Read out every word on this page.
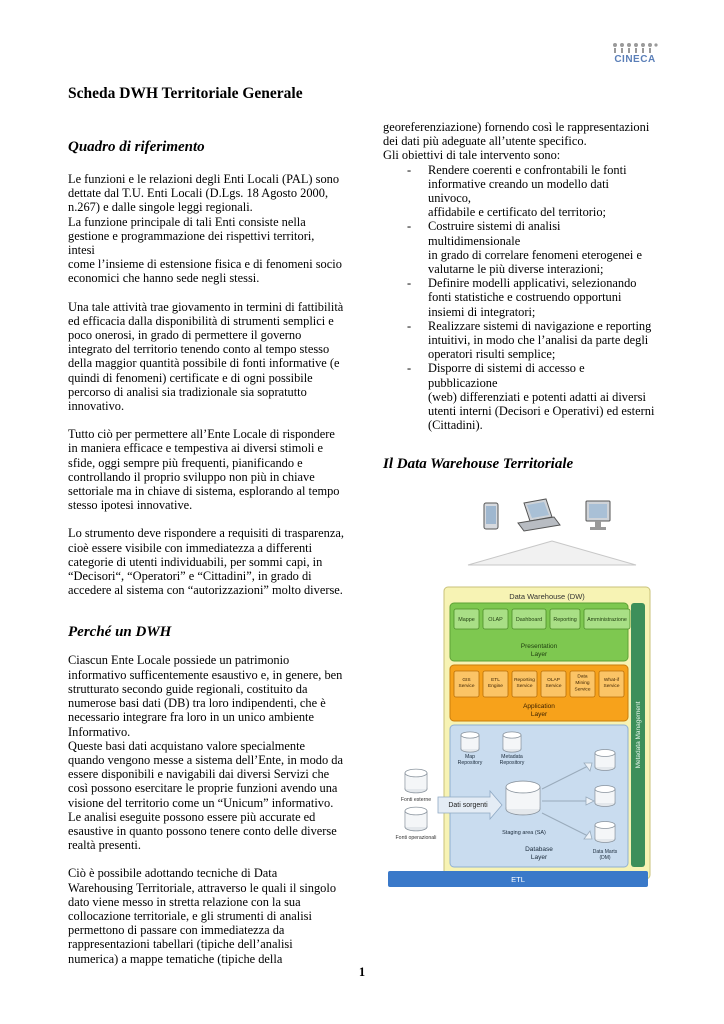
CINECA
Scheda DWH Territoriale Generale
Quadro di riferimento
Le funzioni e le relazioni degli Enti Locali (PAL) sono
dettate dal T.U. Enti Locali (D.Lgs. 18 Agosto 2000,
n.267) e dalle singole leggi regionali.
La funzione principale di tali Enti consiste nella
gestione e programmazione dei rispettivi territori, intesi
come l’insieme di estensione fisica e di fenomeni socio
economici che hanno sede negli stessi.
Una tale attività trae giovamento in termini di fattibilità
ed efficacia dalla disponibilità di strumenti semplici e
poco onerosi, in grado di permettere il governo
integrato del territorio tenendo conto al tempo stesso
della maggior quantità possibile di fonti informative (e
quindi di fenomeni) certificate e di ogni possibile
percorso di analisi sia tradizionale sia sopratutto
innovativo.
Tutto ciò per permettere all’Ente Locale di rispondere
in maniera efficace e tempestiva ai diversi stimoli e
sfide, oggi sempre più frequenti, pianificando e
controllando il proprio sviluppo non più in chiave
settoriale ma in chiave di sistema, esplorando al tempo
stesso ipotesi innovative.
Lo strumento deve rispondere a requisiti di trasparenza,
cioè essere visibile con immediatezza a differenti
categorie di utenti individuabili, per sommi capi, in
“Decisori“, “Operatori” e “Cittadini”, in grado di
accedere al sistema con “autorizzazioni” molto diverse.
Perché un DWH
Ciascun Ente Locale possiede un patrimonio
informativo sufficentemente esaustivo e, in genere, ben
strutturato secondo guide regionali, costituito da
numerose basi dati (DB) tra loro indipendenti, che è
necessario integrare fra loro in un unico ambiente
Informativo.
Queste basi dati acquistano valore specialmente
quando vengono messe a sistema dell’Ente, in modo da
essere disponibili e navigabili dai diversi Servizi che
così possono esercitare le proprie funzioni avendo una
visione del territorio come un “Unicum” informativo.
Le analisi eseguite possono essere più accurate ed
esaustive in quanto possono tenere conto delle diverse
realtà presenti.
Ciò è possibile adottando tecniche di Data
Warehousing Territoriale, attraverso le quali il singolo
dato viene messo in stretta relazione con la sua
collocazione territoriale, e gli strumenti di analisi
permettono di passare con immediatezza da
rappresentazioni tabellari (tipiche dell’analisi
numerica) a mappe tematiche (tipiche della
georeferenziazione) fornendo così le rappresentazioni
dei dati più adeguate all’utente specifico.
Gli obiettivi di tale intervento sono:
- Rendere coerenti e confrontabili le fonti
informative creando un modello dati univoco,
affidabile e certificato del territorio;
- Costruire sistemi di analisi multidimensionale
in grado di correlare fenomeni eterogenei e
valutarne le più diverse interazioni;
- Definire modelli applicativi, selezionando
fonti statistiche e costruendo opportuni
insiemi di integratori;
- Realizzare sistemi di navigazione e reporting
intuitivi, in modo che l’analisi da parte degli
operatori risulti semplice;
- Disporre di sistemi di accesso e pubblicazione
(web) differenziati e potenti adatti ai diversi
utenti interni (Decisori e Operativi) ed esterni
(Cittadini).
Il Data Warehouse Territoriale
Data Warehouse (DW)
Mappe	OLAP Dashboard Reporting Amministrazione
Presentation
Layer
GIS
Service
ETL
Engine
Reporting
Service
OLAP
Service
Data
Mining
Service
What-if
Service
Application
Layer	Metadata Management
ETL
Map
Repository
Metadata
Repository
Fonti esterne
Fonti operazionali
Dati sorgenti
Staging area (SA)
Data Marts
(DM)
Database
Layer
1
